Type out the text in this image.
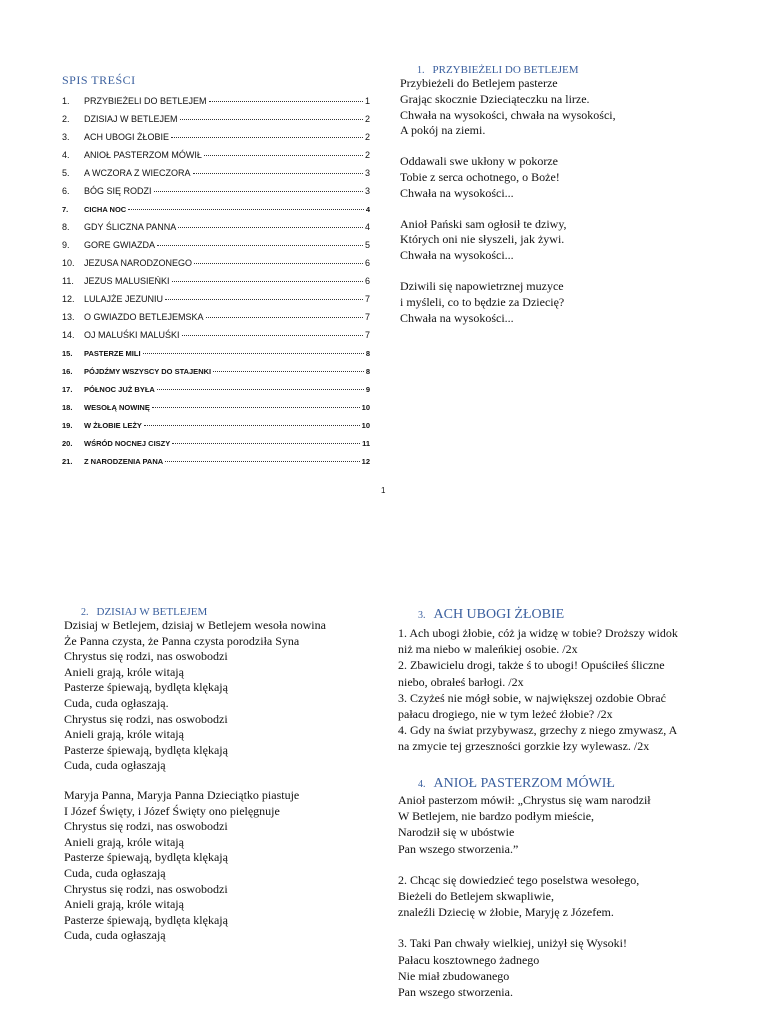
SPIS TREŚCI
1.	PRZYBIEŻELI DO BETLEJEM	1
2.	DZISIAJ W BETLEJEM	2
3.	ACH UBOGI ŻŁOBIE	2
4.	ANIOŁ PASTERZOM MÓWIŁ	2
5.	A WCZORA Z WIECZORA	3
6.	BÓG SIĘ RODZI	3
7.	CICHA NOC	4
8.	GDY ŚLICZNA PANNA	4
9.	GORE GWIAZDA	5
10.	JEZUSA NARODZONEGO	6
11.	JEZUS MALUSIEŃKI	6
12.	LULAJŻE JEZUNIU	7
13.	O GWIAZDO BETLEJEMSKA	7
14.	OJ MALUŚKI MALUŚKI	7
15.	PASTERZE MILI	8
16.	PÓJDŹMY WSZYSCY DO STAJENKI	8
17.	PÓŁNOC JUŻ BYŁA	9
18.	WESOŁĄ NOWINĘ	10
19.	W ŻŁOBIE LEŻY	10
20.	WŚRÓD NOCNEJ CISZY	11
21.	Z NARODZENIA PANA	12
1
1. PRZYBIEŻELI DO BETLEJEM
Przybieżeli do Betlejem pasterze
Grając skocznie Dzieciąteczku na lirze.
Chwała na wysokości, chwała na wysokości,
A pokój na ziemi.
Oddawali swe ukłony w pokorze
Tobie z serca ochotnego, o Boże!
Chwała na wysokości...
Anioł Pański sam ogłosił te dziwy,
Których oni nie słyszeli, jak żywi.
Chwała na wysokości...
Dziwili się napowietrznej muzyce
i myśleli, co to będzie za Dziecię?
Chwała na wysokości...
2. DZISIAJ W BETLEJEM
Dzisiaj w Betlejem, dzisiaj w Betlejem wesoła nowina
Że Panna czysta, że Panna czysta porodziła Syna
Chrystus się rodzi, nas oswobodzi
Anieli grają, króle witają
Pasterze śpiewają, bydlęta klękają
Cuda, cuda ogłaszają.
Chrystus się rodzi, nas oswobodzi
Anieli grają, króle witają
Pasterze śpiewają, bydlęta klękają
Cuda, cuda ogłaszają
Maryja Panna, Maryja Panna Dzieciątko piastuje
I Józef Święty, i Józef Święty ono pielęgnuje
Chrystus się rodzi, nas oswobodzi
Anieli grają, króle witają
Pasterze śpiewają, bydlęta klękają
Cuda, cuda ogłaszają
Chrystus się rodzi, nas oswobodzi
Anieli grają, króle witają
Pasterze śpiewają, bydlęta klękają
Cuda, cuda ogłaszają
3. ACH UBOGI ŻŁOBIE
1. Ach ubogi żłobie, cóż ja widzę w tobie? Droższy widok
niż ma niebo w maleńkiej osobie. /2x
2. Zbawicielu drogi, także ś to ubogi! Opuściłeś śliczne
niebo, obrałeś barłogi. /2x
3. Czyżeś nie mógł sobie, w największej ozdobie Obrać
pałacu drogiego, nie w tym leżeć żłobie? /2x
4. Gdy na świat przybywasz, grzechy z niego zmywasz, A
na zmycie tej grzeszności gorzkie łzy wylewasz. /2x
4. ANIOŁ PASTERZOM MÓWIŁ
Anioł pasterzom mówił: „Chrystus się wam narodził
W Betlejem, nie bardzo podłym mieście,
Narodził się w ubóstwie
Pan wszego stworzenia.”
2. Chcąc się dowiedzieć tego poselstwa wesołego,
Bieżeli do Betlejem skwapliwie,
znaleźli Dziecię w żłobie, Maryję z Józefem.
3. Taki Pan chwały wielkiej, uniżył się Wysoki!
Pałacu kosztownego żadnego
Nie miał zbudowanego
Pan wszego stworzenia.
